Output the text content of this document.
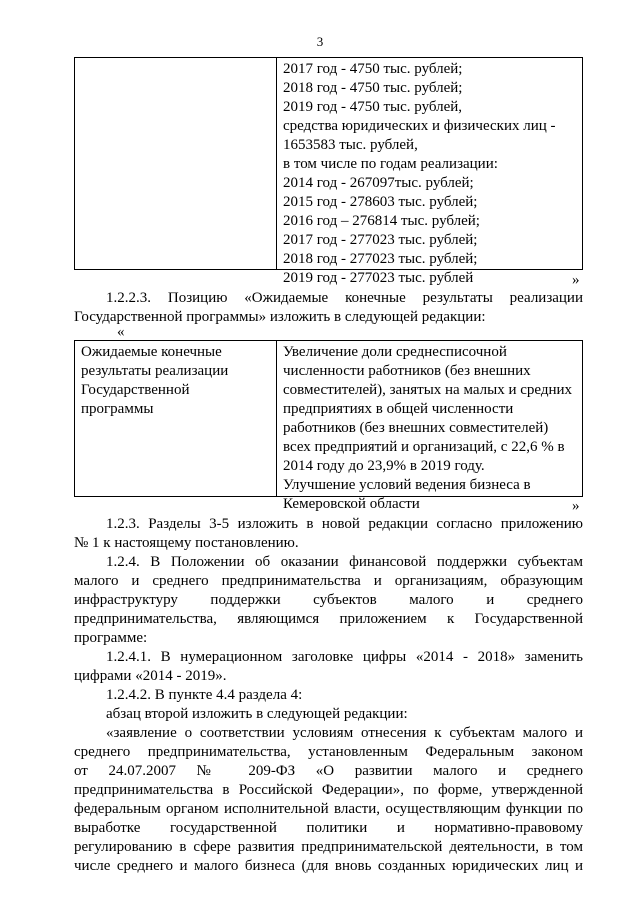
3
2017 год - 4750 тыс. рублей;
2018 год - 4750 тыс. рублей;
2019 год - 4750 тыс. рублей,
средства юридических и физических лиц -
1653583 тыс. рублей,
в том числе по годам реализации:
2014 год - 267097тыс. рублей;
2015 год - 278603 тыс. рублей;
2016 год – 276814 тыс. рублей;
2017 год - 277023 тыс. рублей;
2018 год - 277023 тыс. рублей;
2019 год - 277023 тыс. рублей	»
1.2.2.3. Позицию «Ожидаемые конечные результаты реализации
Государственной программы» изложить в следующей редакции:
«
Ожидаемые конечные
результаты реализации
Государственной
программы
Увеличение доли среднесписочной
численности работников (без внешних
совместителей), занятых на малых и средних
предприятиях в общей численности
работников (без внешних совместителей)
всех предприятий и организаций, с 22,6 % в
2014 году до 23,9% в 2019 году.
Улучшение условий ведения бизнеса в
Кемеровской области	»
1.2.3. Разделы 3-5 изложить в новой редакции согласно приложению
№ 1 к настоящему постановлению.
1.2.4. В Положении об оказании финансовой поддержки субъектам
малого и среднего предпринимательства и организациям, образующим
инфраструктуру поддержки субъектов малого и среднего
предпринимательства, являющимся приложением к Государственной
программе:
1.2.4.1. В нумерационном заголовке цифры «2014 - 2018» заменить
цифрами «2014 - 2019».
1.2.4.2. В пункте 4.4 раздела 4:
абзац второй изложить в следующей редакции:
«заявление о соответствии условиям отнесения к субъектам малого и
среднего предпринимательства, установленным Федеральным законом
от 24.07.2007 № 209-ФЗ «О развитии малого и среднего
предпринимательства в Российской Федерации», по форме, утвержденной
федеральным органом исполнительной власти, осуществляющим функции по
выработке государственной политики и нормативно-правовому
регулированию в сфере развития предпринимательской деятельности, в том
числе среднего и малого бизнеса (для вновь созданных юридических лиц и
